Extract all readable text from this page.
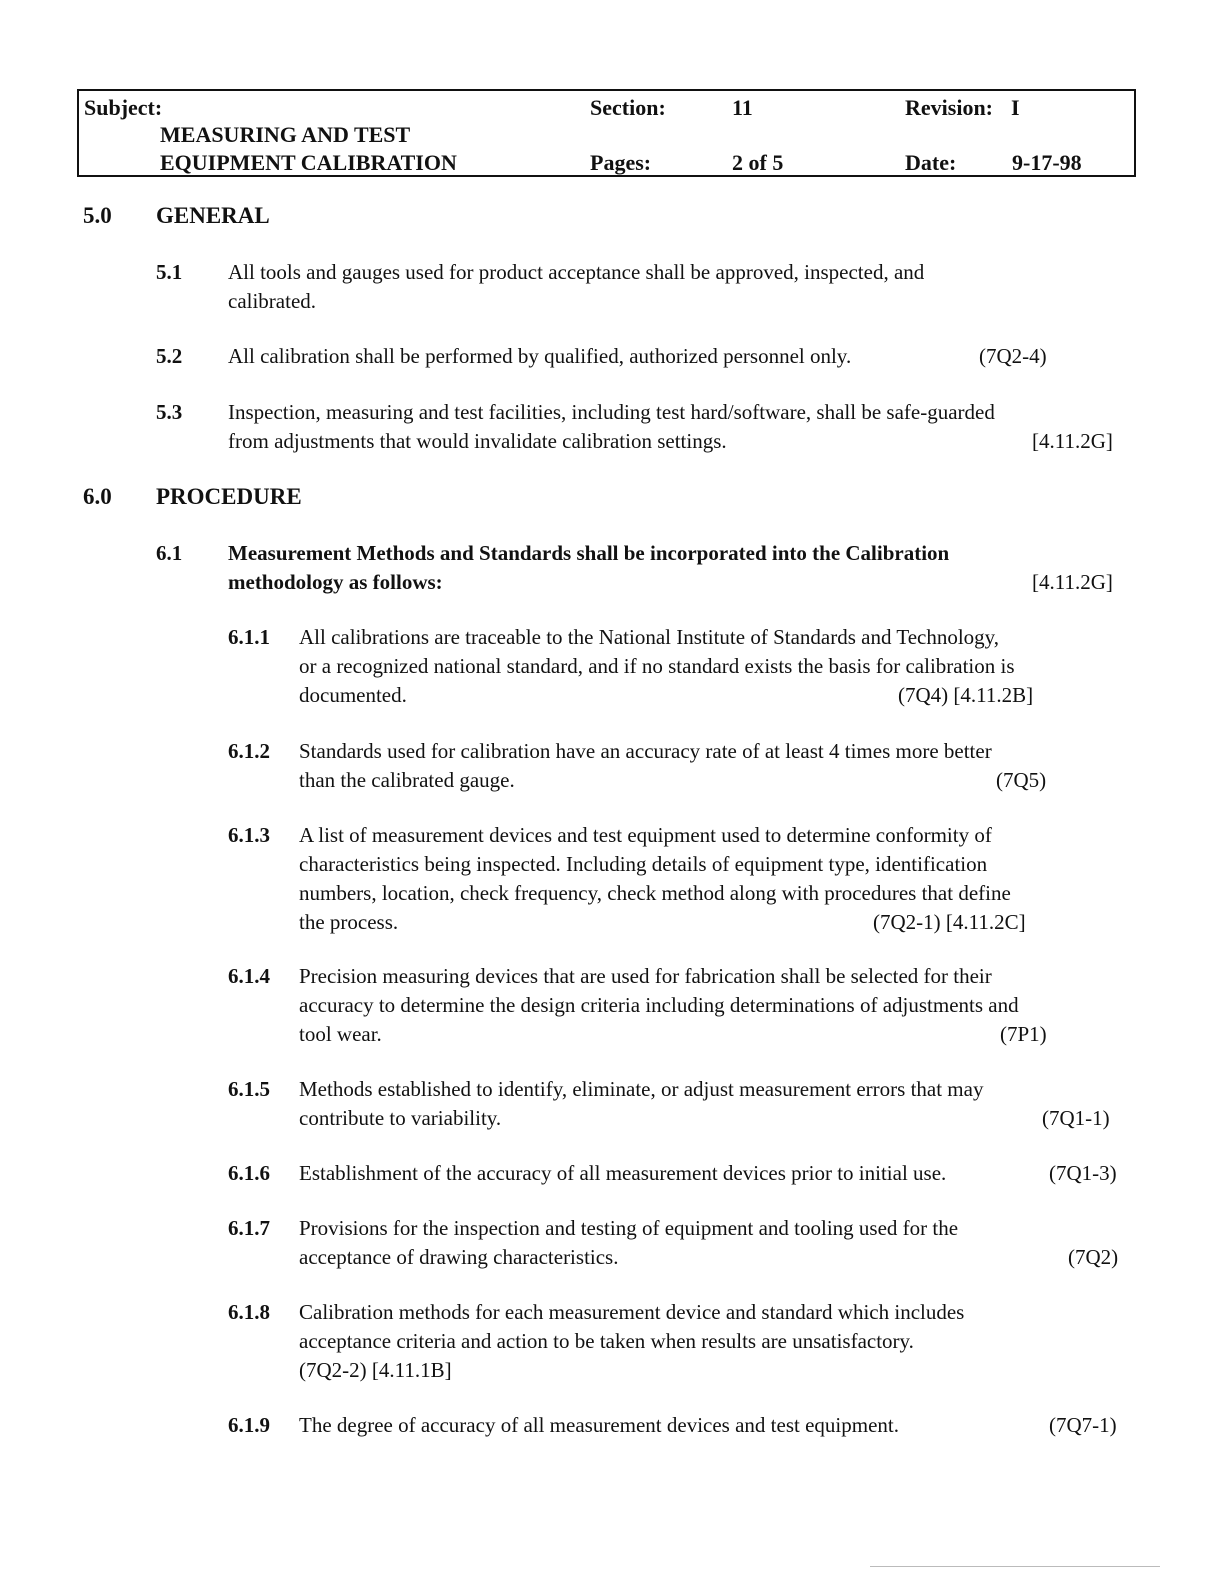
Subject:
MEASURING AND TEST
EQUIPMENT CALIBRATION
Section:	11	Revision: I
Pages:	2 of 5	Date:	9-17-98
5.0 GENERAL
5.1 All tools and gauges used for product acceptance shall be approved, inspected, and
calibrated.
5.2 All calibration shall be performed by qualified, authorized personnel only.	(7Q2-4)
5.3 Inspection, measuring and test facilities, including test hard/software, shall be safe-guarded
from adjustments that would invalidate calibration settings.	[4.11.2G]
6.0 PROCEDURE
6.1 Measurement Methods and Standards shall be incorporated into the Calibration
methodology as follows:	[4.11.2G]
6.1.1 All calibrations are traceable to the National Institute of Standards and Technology,
or a recognized national standard, and if no standard exists the basis for calibration is
documented.	(7Q4) [4.11.2B]
6.1.2 Standards used for calibration have an accuracy rate of at least 4 times more better
than the calibrated gauge.	(7Q5)
6.1.3 A list of measurement devices and test equipment used to determine conformity of
characteristics being inspected. Including details of equipment type, identification
numbers, location, check frequency, check method along with procedures that define
the process.	(7Q2-1) [4.11.2C]
6.1.4 Precision measuring devices that are used for fabrication shall be selected for their
accuracy to determine the design criteria including determinations of adjustments and
tool wear.	(7P1)
6.1.5 Methods established to identify, eliminate, or adjust measurement errors that may
contribute to variability.	(7Q1-1)
6.1.6 Establishment of the accuracy of all measurement devices prior to initial use.	(7Q1-3)
6.1.7 Provisions for the inspection and testing of equipment and tooling used for the
acceptance of drawing characteristics.	(7Q2)
6.1.8 Calibration methods for each measurement device and standard which includes
acceptance criteria and action to be taken when results are unsatisfactory.
(7Q2-2) [4.11.1B]
6.1.9 The degree of accuracy of all measurement devices and test equipment.	(7Q7-1)
